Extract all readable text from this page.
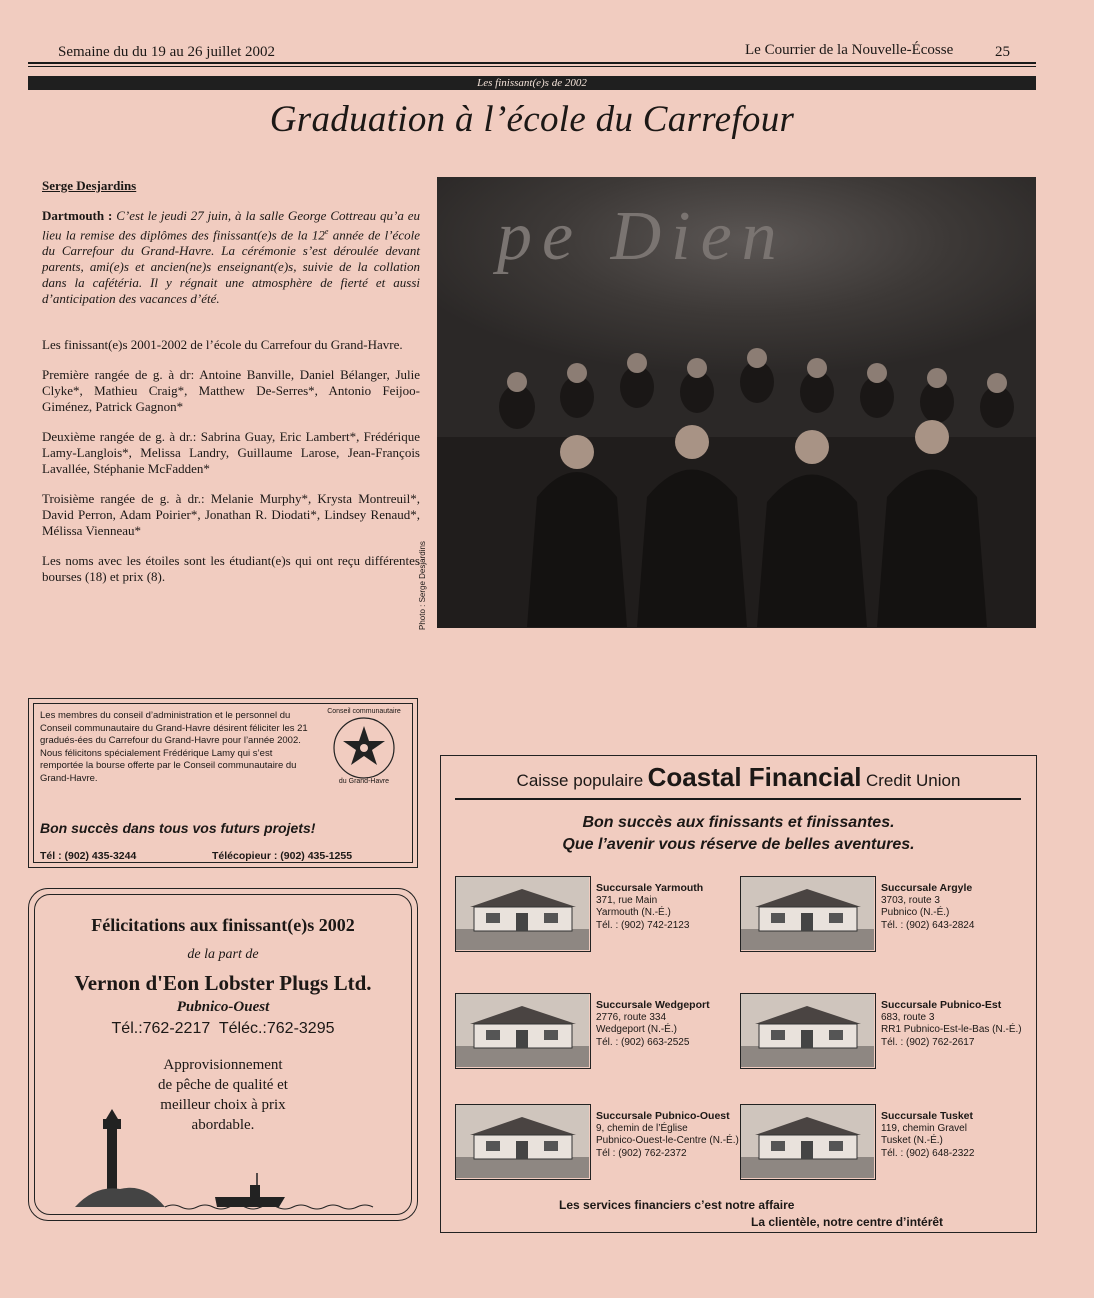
Semaine du du 19 au 26 juillet 2002	Le Courrier de la Nouvelle-Écosse	25
Les finissant(e)s de 2002
Graduation à l’école du Carrefour

Serge Desjardins

Dartmouth : C’est le jeudi 27 juin, à la salle George Cottreau qu’a eu lieu la remise des diplômes des finissant(e)s de la 12e année de l’école du Carrefour du Grand-Havre. La cérémonie s’est déroulée devant parents, ami(e)s et ancien(ne)s enseignant(e)s, suivie de la collation dans la cafétéria. Il y régnait une atmosphère de fierté et aussi d’anticipation des vacances d’été.

Les finissant(e)s 2001-2002 de l’école du Carrefour du Grand-Havre.

Première rangée de g. à dr: Antoine Banville, Daniel Bélanger, Julie Clyke*, Mathieu Craig*, Matthew De-Serres*, Antonio Feijoo-Giménez, Patrick Gagnon*

Deuxième rangée de g. à dr.: Sabrina Guay, Eric Lambert*, Frédérique Lamy-Langlois*, Melissa Landry, Guillaume Larose, Jean-François Lavallée, Stéphanie McFadden*

Troisième rangée de g. à dr.: Melanie Murphy*, Krysta Montreuil*, David Perron, Adam Poirier*, Jonathan R. Diodati*, Lindsey Renaud*, Mélissa Vienneau*

Les noms avec les étoiles sont les étudiant(e)s qui ont reçu différentes bourses (18) et prix (8).	Photo : Serge Desjardins
pe Dien
Les membres du conseil d’administration et le personnel du Conseil communautaire du Grand-Havre désirent féliciter les 21 gradués-ées du Carrefour du Grand-Havre pour l’année 2002. Nous félicitons spécialement Frédérique Lamy qui s’est remportée la bourse offerte par le Conseil communautaire du Grand-Havre.
Conseil communautaire
du Grand-Havre
Bon succès dans tous vos futurs projets!
Tél : (902) 435-3244	Télécopieur : (902) 435-1255
Félicitations aux finissant(e)s 2002
de la part de
Vernon d'Eon Lobster Plugs Ltd.
Pubnico-Ouest
Tél.:762-2217  Téléc.:762-3295
Approvisionnement
de pêche de qualité et
meilleur choix à prix
abordable.
Caisse populaire Coastal Financial Credit Union
Bon succès aux finissants et finissantes.
Que l’avenir vous réserve de belles aventures.
Succursale Yarmouth
371, rue Main
Yarmouth (N.-É.)
Tél. : (902) 742-2123
Succursale Argyle
3703, route 3
Pubnico (N.-É.)
Tél. : (902) 643-2824
Succursale Wedgeport
2776, route 334
Wedgeport (N.-É.)
Tél. : (902) 663-2525
Succursale Pubnico-Est
683, route 3
RR1 Pubnico-Est-le-Bas (N.-É.)
Tél. : (902) 762-2617
Succursale Pubnico-Ouest
9, chemin de l’Église
Pubnico-Ouest-le-Centre (N.-É.)
Tél : (902) 762-2372
Succursale Tusket
119, chemin Gravel
Tusket (N.-É.)
Tél. : (902) 648-2322
Les services financiers c’est notre affaire
La clientèle, notre centre d’intérêt
